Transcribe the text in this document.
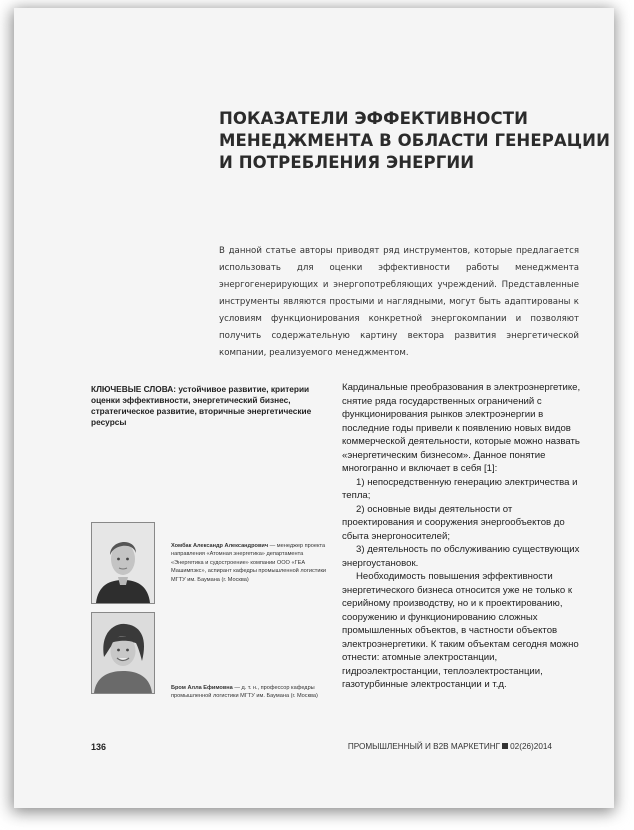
ПОКАЗАТЕЛИ ЭФФЕКТИВНОСТИ
МЕНЕДЖМЕНТА В ОБЛАСТИ ГЕНЕРАЦИИ
И ПОТРЕБЛЕНИЯ ЭНЕРГИИ

В данной статье авторы приводят ряд инструментов, которые предлагается использовать для оценки эффективности работы менеджмента энергогенерирующих и энергопотребляющих учреждений. Представленные инструменты являются простыми и наглядными, могут быть адаптированы к условиям функционирования конкретной энергокомпании и позволяют получить содержательную картину вектора развития энергетической компании, реализуемого менеджментом.

КЛЮЧЕВЫЕ СЛОВА: устойчивое развитие, критерии оценки эффективности, энергетический бизнес, стратегическое развитие, вторичные энергетические ресурсы

Кардинальные преобразования в электроэнергетике, снятие ряда государственных ограничений с функционирования рынков электроэнергии в последние годы привели к появлению новых видов коммерческой деятельности, которые можно назвать «энергетическим бизнесом». Данное понятие многогранно и включает в себя [1]:

1) непосредственную генерацию электричества и тепла;

2) основные виды деятельности от проектирования и сооружения энергообъектов до сбыта энергоносителей;

3) деятельность по обслуживанию существующих энергоустановок.

Необходимость повышения эффективности энергетического бизнеса относится уже не только к серийному производству, но и к проектированию, сооружению и функционированию сложных промышленных объектов, в частности объектов электроэнергетики. К таким объектам сегодня можно отнести: атомные электростанции, гидроэлектростанции, теплоэлектростанции, газотурбинные электростанции и т.д.

Хомбак Александр Александрович — менеджер проекта направления «Атомная энергетика» департамента «Энергетика и судостроение» компании ООО «ГЕА Машимпэкс», аспирант кафедры промышленной логистики МГТУ им. Баумана (г. Москва)
Бром Алла Ефимовна — д. т. н., профессор кафедры промышленной логистики МГТУ им. Баумана (г. Москва)
136	ПРОМЫШЛЕННЫЙ И B2B МАРКЕТИНГ 02(26)2014
